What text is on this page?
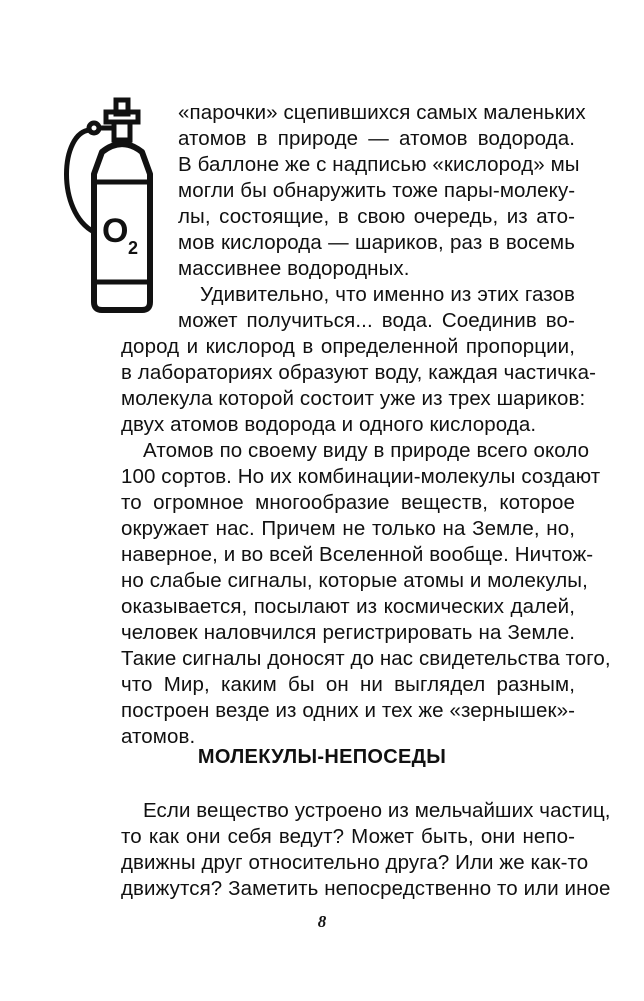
O 2
«парочки» сцепившихся самых маленьких
атомов в природе — атомов водорода.
В баллоне же с надписью «кислород» мы
могли бы обнаружить тоже пары-молеку-
лы, состоящие, в свою очередь, из ато-
мов кислорода — шариков, раз в восемь
массивнее водородных.
Удивительно, что именно из этих газов
может получиться... вода. Соединив во-
дород и кислород в определенной пропорции,
в лабораториях образуют воду, каждая частичка-
молекула которой состоит уже из трех шариков:
двух атомов водорода и одного кислорода.
Атомов по своему виду в природе всего около
100 сортов. Но их комбинации-молекулы создают
то огромное многообразие веществ, которое
окружает нас. Причем не только на Земле, но,
наверное, и во всей Вселенной вообще. Ничтож-
но слабые сигналы, которые атомы и молекулы,
оказывается, посылают из космических далей,
человек наловчился регистрировать на Земле.
Такие сигналы доносят до нас свидетельства того,
что Мир, каким бы он ни выглядел разным,
построен везде из одних и тех же «зернышек»-
атомов.
МОЛЕКУЛЫ-НЕПОСЕДЫ
Если вещество устроено из мельчайших частиц,
то как они себя ведут? Может быть, они непо-
движны друг относительно друга? Или же как-то
движутся? Заметить непосредственно то или иное
8
